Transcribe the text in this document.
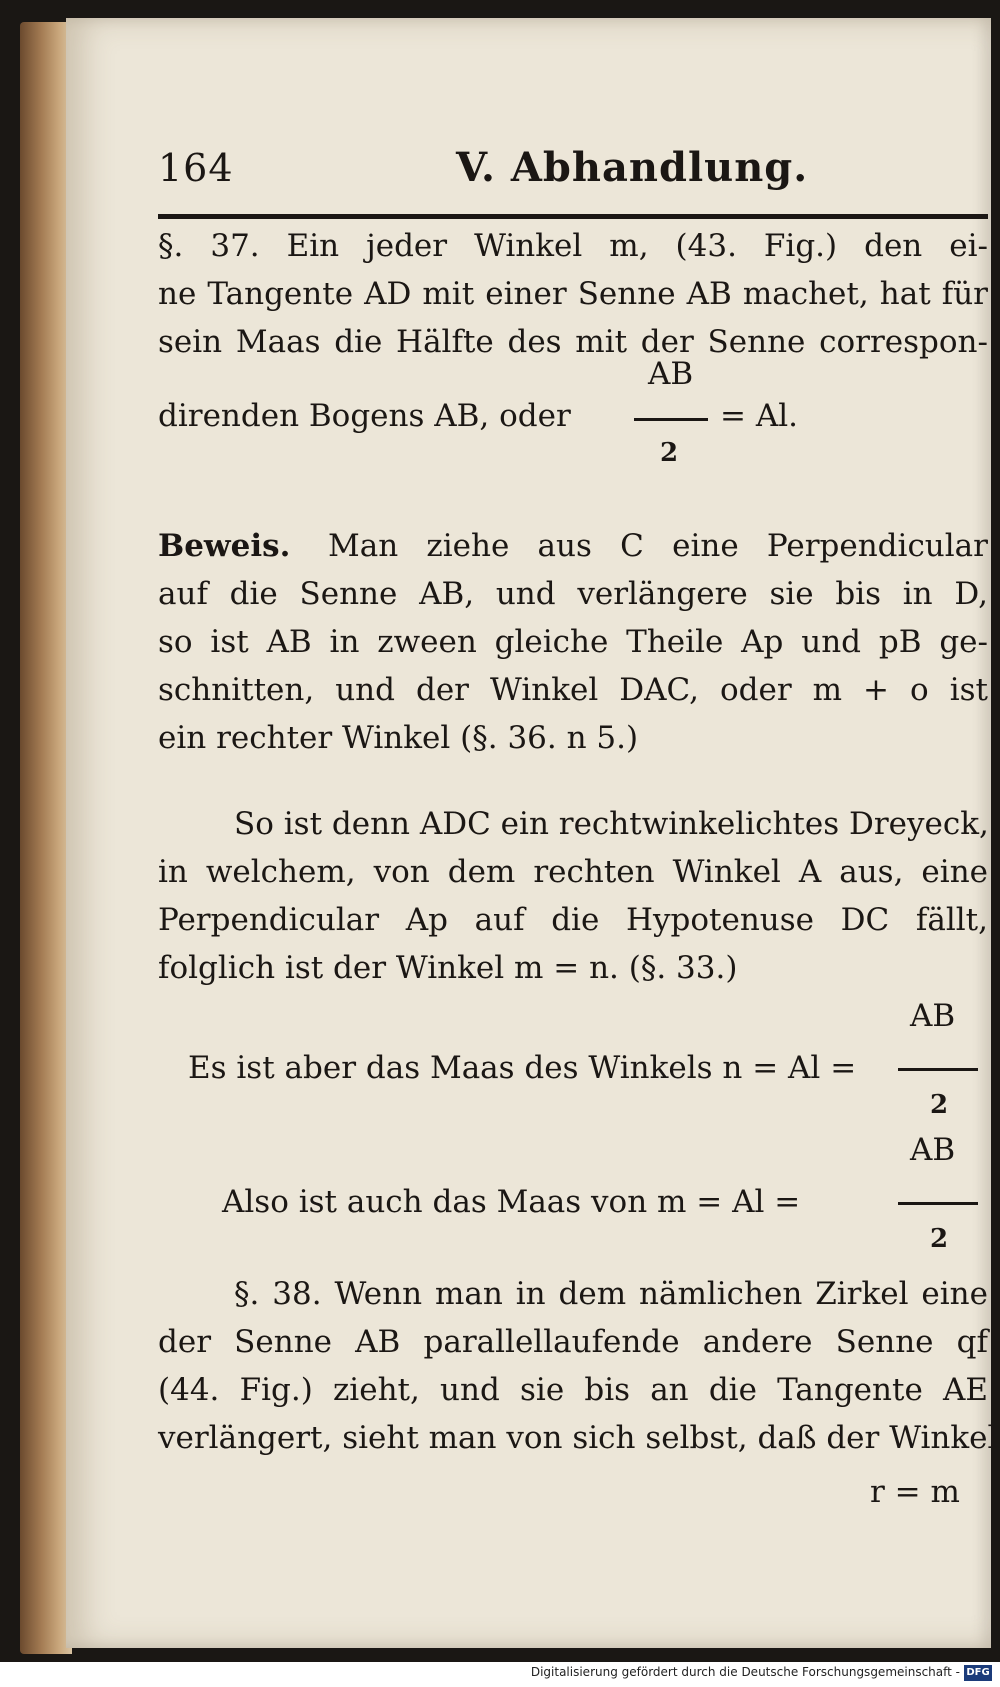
164	V. Abhandlung.
§. 37. Ein jeder Winkel m, (43. Fig.) den ei-
ne Tangente AD mit einer Senne AB machet, hat für
sein Maas die Hälfte des mit der Senne correspon-
direnden Bogens AB, oder
AB
2
= Al.
Beweis. Man ziehe aus C eine Perpendicular
auf die Senne AB, und verlängere sie bis in D,
so ist AB in zween gleiche Theile Ap und pB ge-
schnitten, und der Winkel DAC, oder m + o ist
ein rechter Winkel (§. 36. n 5.)
So ist denn ADC ein rechtwinkelichtes Dreyeck,
in welchem, von dem rechten Winkel A aus, eine
Perpendicular Ap auf die Hypotenuse DC fällt,
folglich ist der Winkel m = n. (§. 33.)
AB
Es ist aber das Maas des Winkels n = Al =
2
AB
Also ist auch das Maas von m = Al =
2
§. 38. Wenn man in dem nämlichen Zirkel eine
der Senne AB parallellaufende andere Senne qf
(44. Fig.) zieht, und sie bis an die Tangente AE
verlängert, sieht man von sich selbst, daß der Winkel
r = m
Digitalisierung gefördert durch die Deutsche Forschungsgemeinschaft - DFG
